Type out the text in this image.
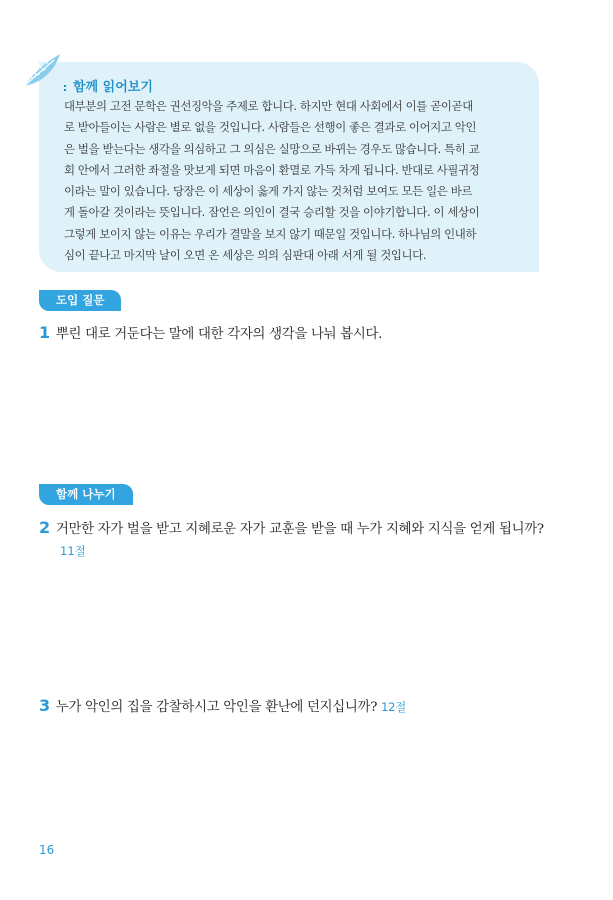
함께 읽어보기
대부분의 고전 문학은 권선징악을 주제로 합니다. 하지만 현대 사회에서 이를 곧이곧대
로 받아들이는 사람은 별로 없을 것입니다. 사람들은 선행이 좋은 결과로 이어지고 악인
은 벌을 받는다는 생각을 의심하고 그 의심은 실망으로 바뀌는 경우도 많습니다. 특히 교
회 안에서 그러한 좌절을 맛보게 되면 마음이 환멸로 가득 차게 됩니다. 반대로 사필귀정
이라는 말이 있습니다. 당장은 이 세상이 옳게 가지 않는 것처럼 보여도 모든 일은 바르
게 돌아갈 것이라는 뜻입니다. 잠언은 의인이 결국 승리할 것을 이야기합니다. 이 세상이
그렇게 보이지 않는 이유는 우리가 결말을 보지 않기 때문일 것입니다. 하나님의 인내하
심이 끝나고 마지막 날이 오면 온 세상은 의의 심판대 아래 서게 될 것입니다.
도입 질문
1 뿌린 대로 거둔다는 말에 대한 각자의 생각을 나눠 봅시다.
함께 나누기
2 거만한 자가 벌을 받고 지혜로운 자가 교훈을 받을 때 누가 지혜와 지식을 얻게 됩니까?
11절
3 누가 악인의 집을 감찰하시고 악인을 환난에 던지십니까? 12절
16
